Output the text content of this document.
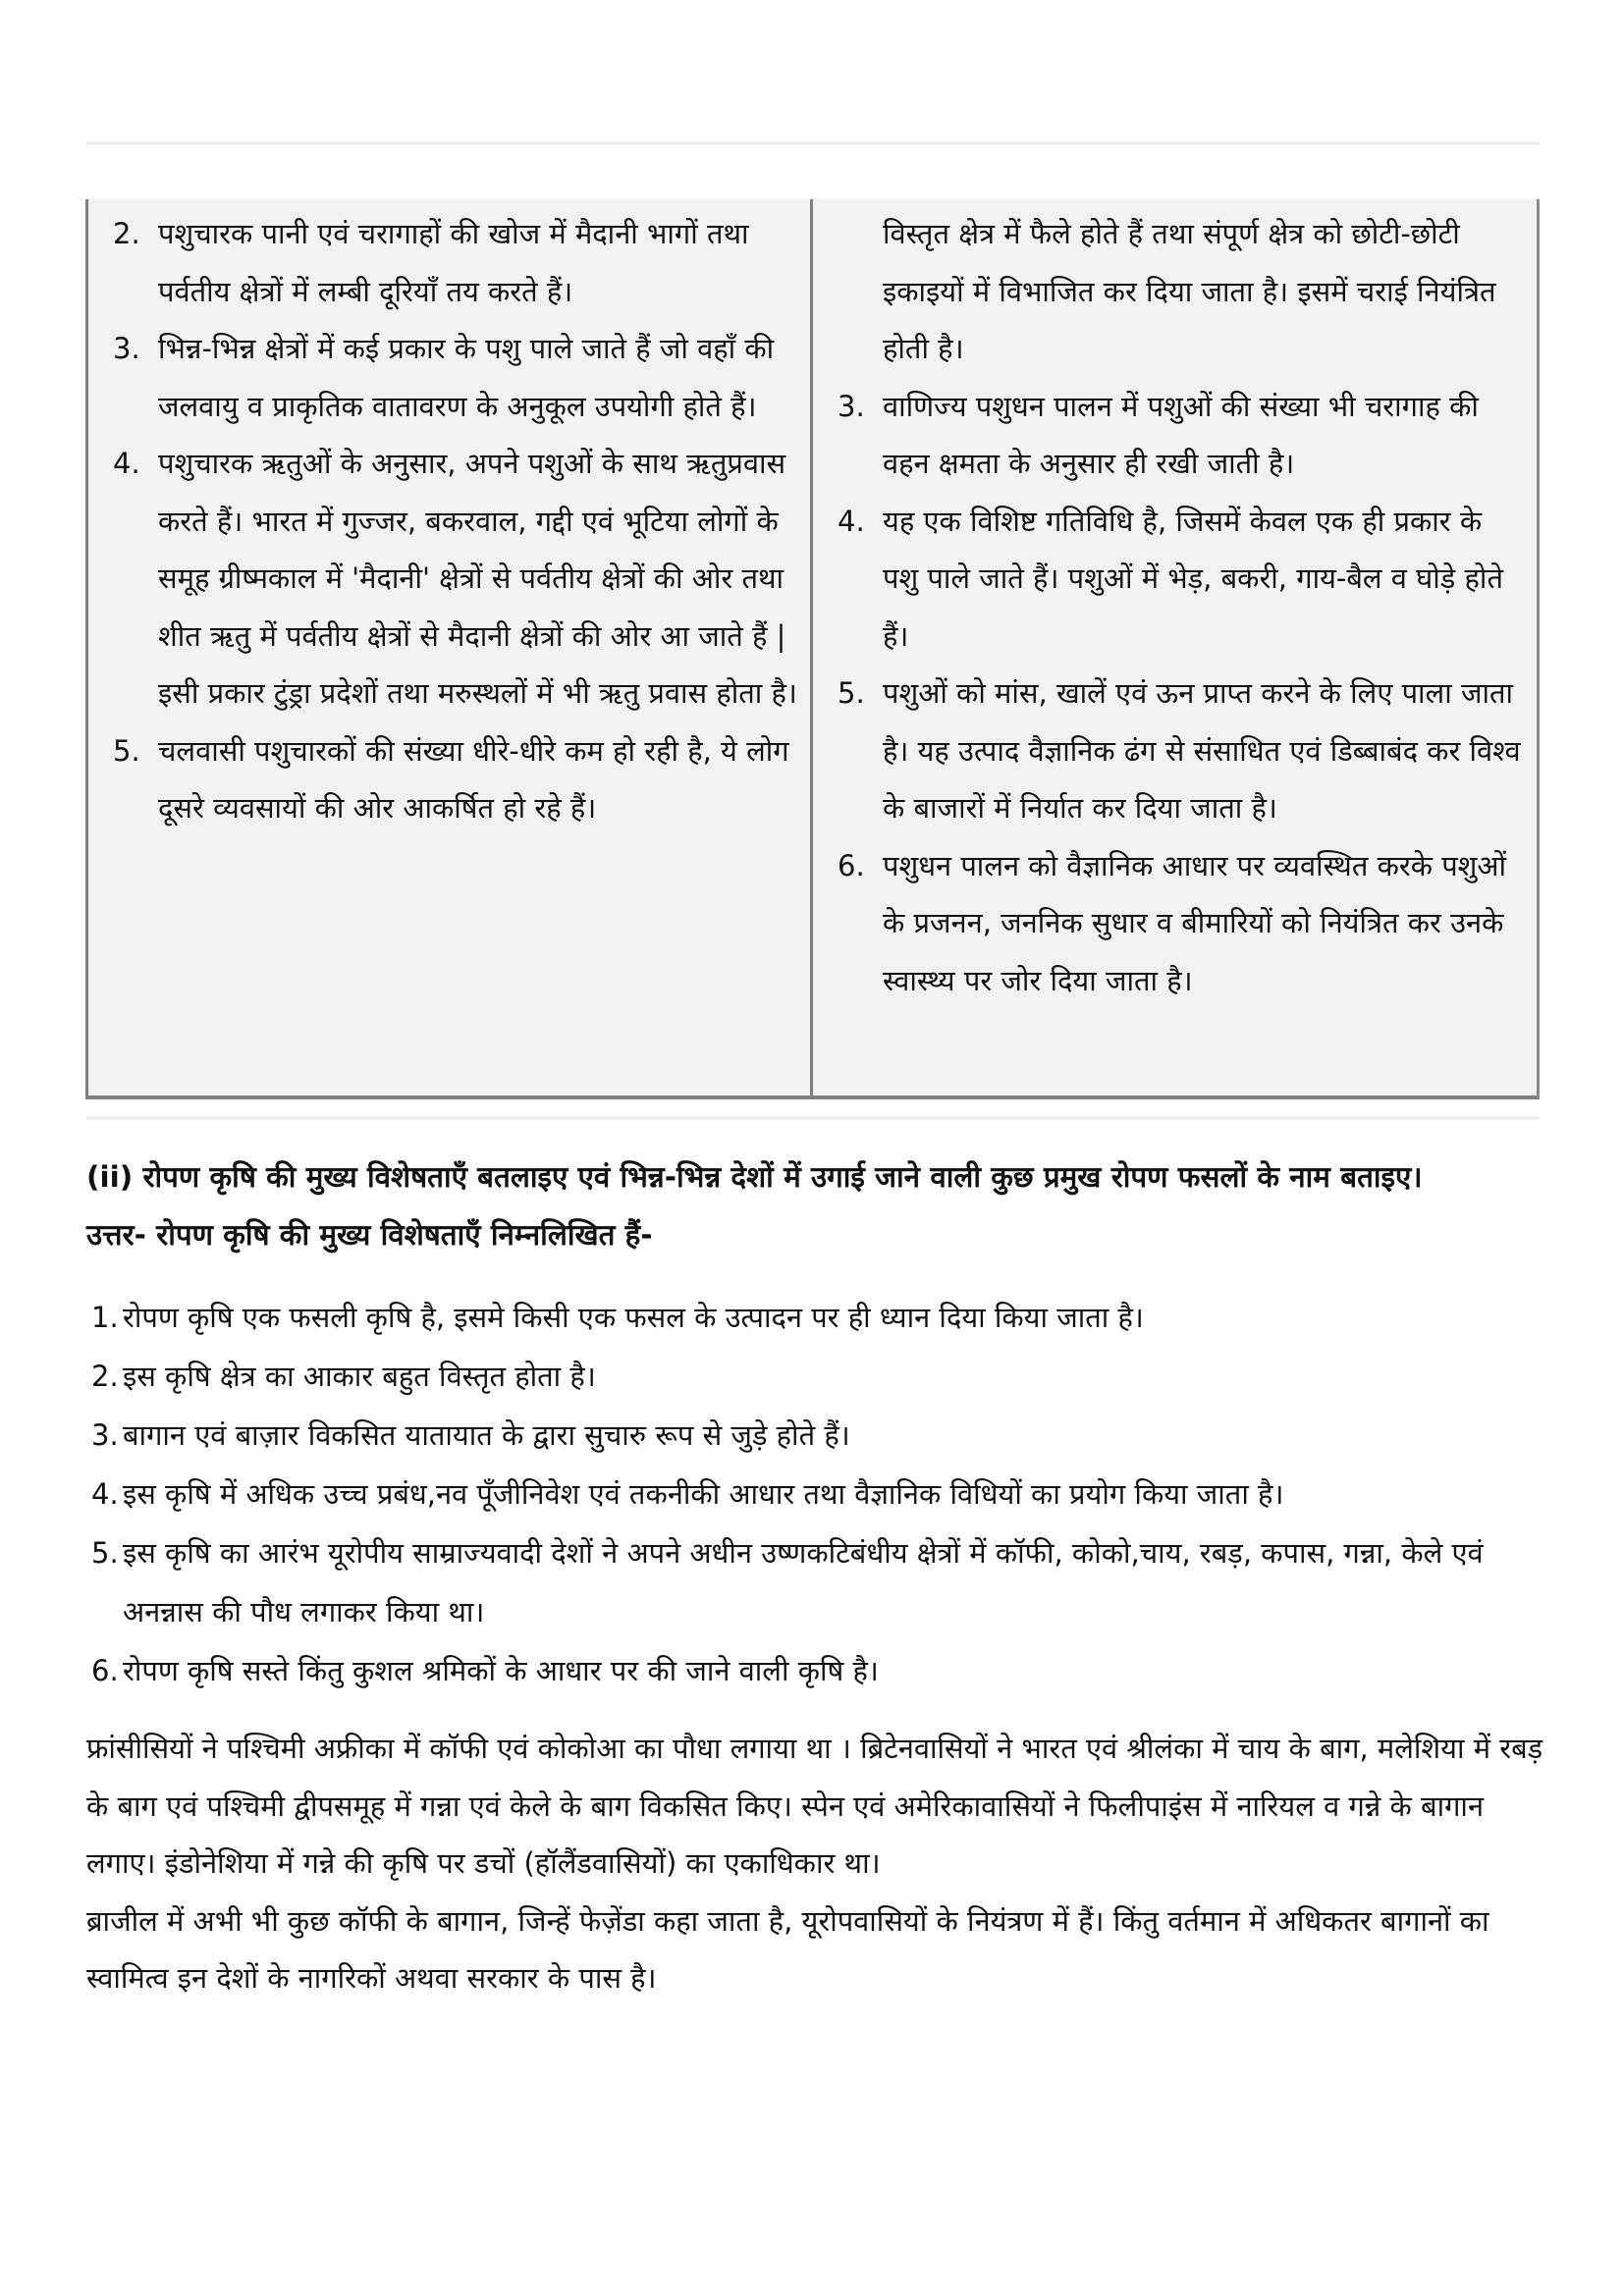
2. पशुचारक पानी एवं चरागाहों की खोज में मैदानी भागों तथा पर्वतीय क्षेत्रों में लम्बी दूरियाँ तय करते हैं।
3. भिन्न-भिन्न क्षेत्रों में कई प्रकार के पशु पाले जाते हैं जो वहाँ की जलवायु व प्राकृतिक वातावरण के अनुकूल उपयोगी होते हैं।
4. पशुचारक ऋतुओं के अनुसार, अपने पशुओं के साथ ऋतुप्रवास करते हैं। भारत में गुज्जर, बकरवाल, गद्दी एवं भूटिया लोगों के समूह ग्रीष्मकाल में 'मैदानी' क्षेत्रों से पर्वतीय क्षेत्रों की ओर तथा शीत ऋतु में पर्वतीय क्षेत्रों से मैदानी क्षेत्रों की ओर आ जाते हैं | इसी प्रकार टुंड्रा प्रदेशों तथा मरुस्थलों में भी ऋतु प्रवास होता है।
5. चलवासी पशुचारकों की संख्या धीरे-धीरे कम हो रही है, ये लोग दूसरे व्यवसायों की ओर आकर्षित हो रहे हैं।
विस्तृत क्षेत्र में फैले होते हैं तथा संपूर्ण क्षेत्र को छोटी-छोटी इकाइयों में विभाजित कर दिया जाता है। इसमें चराई नियंत्रित होती है।
3. वाणिज्य पशुधन पालन में पशुओं की संख्या भी चरागाह की वहन क्षमता के अनुसार ही रखी जाती है।
4. यह एक विशिष्ट गतिविधि है, जिसमें केवल एक ही प्रकार के पशु पाले जाते हैं। पशुओं में भेड़, बकरी, गाय-बैल व घोड़े होते हैं।
5. पशुओं को मांस, खालें एवं ऊन प्राप्त करने के लिए पाला जाता है। यह उत्पाद वैज्ञानिक ढंग से संसाधित एवं डिब्बाबंद कर विश्व के बाजारों में निर्यात कर दिया जाता है।
6. पशुधन पालन को वैज्ञानिक आधार पर व्यवस्थित करके पशुओं के प्रजनन, जननिक सुधार व बीमारियों को नियंत्रित कर उनके स्वास्थ्य पर जोर दिया जाता है।
(ii) रोपण कृषि की मुख्य विशेषताएँ बतलाइए एवं भिन्न-भिन्न देशों में उगाई जाने वाली कुछ प्रमुख रोपण फसलों के नाम बताइए।
उत्तर- रोपण कृषि की मुख्य विशेषताएँ निम्नलिखित हैं-
1. रोपण कृषि एक फसली कृषि है, इसमे किसी एक फसल के उत्पादन पर ही ध्यान दिया किया जाता है।
2. इस कृषि क्षेत्र का आकार बहुत विस्तृत होता है।
3. बागान एवं बाज़ार विकसित यातायात के द्वारा सुचारु रूप से जुड़े होते हैं।
4. इस कृषि में अधिक उच्च प्रबंध,नव पूँजीनिवेश एवं तकनीकी आधार तथा वैज्ञानिक विधियों का प्रयोग किया जाता है।
5. इस कृषि का आरंभ यूरोपीय साम्राज्यवादी देशों ने अपने अधीन उष्णकटिबंधीय क्षेत्रों में कॉफी, कोको,चाय, रबड़, कपास, गन्ना, केले एवं अनन्नास की पौध लगाकर किया था।
6. रोपण कृषि सस्ते किंतु कुशल श्रमिकों के आधार पर की जाने वाली कृषि है।

फ्रांसीसियों ने पश्चिमी अफ्रीका में कॉफी एवं कोकोआ का पौधा लगाया था । ब्रिटेनवासियों ने भारत एवं श्रीलंका में चाय के बाग, मलेशिया में रबड़ के बाग एवं पश्चिमी द्वीपसमूह में गन्ना एवं केले के बाग विकसित किए। स्पेन एवं अमेरिकावासियों ने फिलीपाइंस में नारियल व गन्ने के बागान लगाए। इंडोनेशिया में गन्ने की कृषि पर डचों (हॉलैंडवासियों) का एकाधिकार था।

ब्राजील में अभी भी कुछ कॉफी के बागान, जिन्हें फेज़ेंडा कहा जाता है, यूरोपवासियों के नियंत्रण में हैं। किंतु वर्तमान में अधिकतर बागानों का स्वामित्व इन देशों के नागरिकों अथवा सरकार के पास है।
